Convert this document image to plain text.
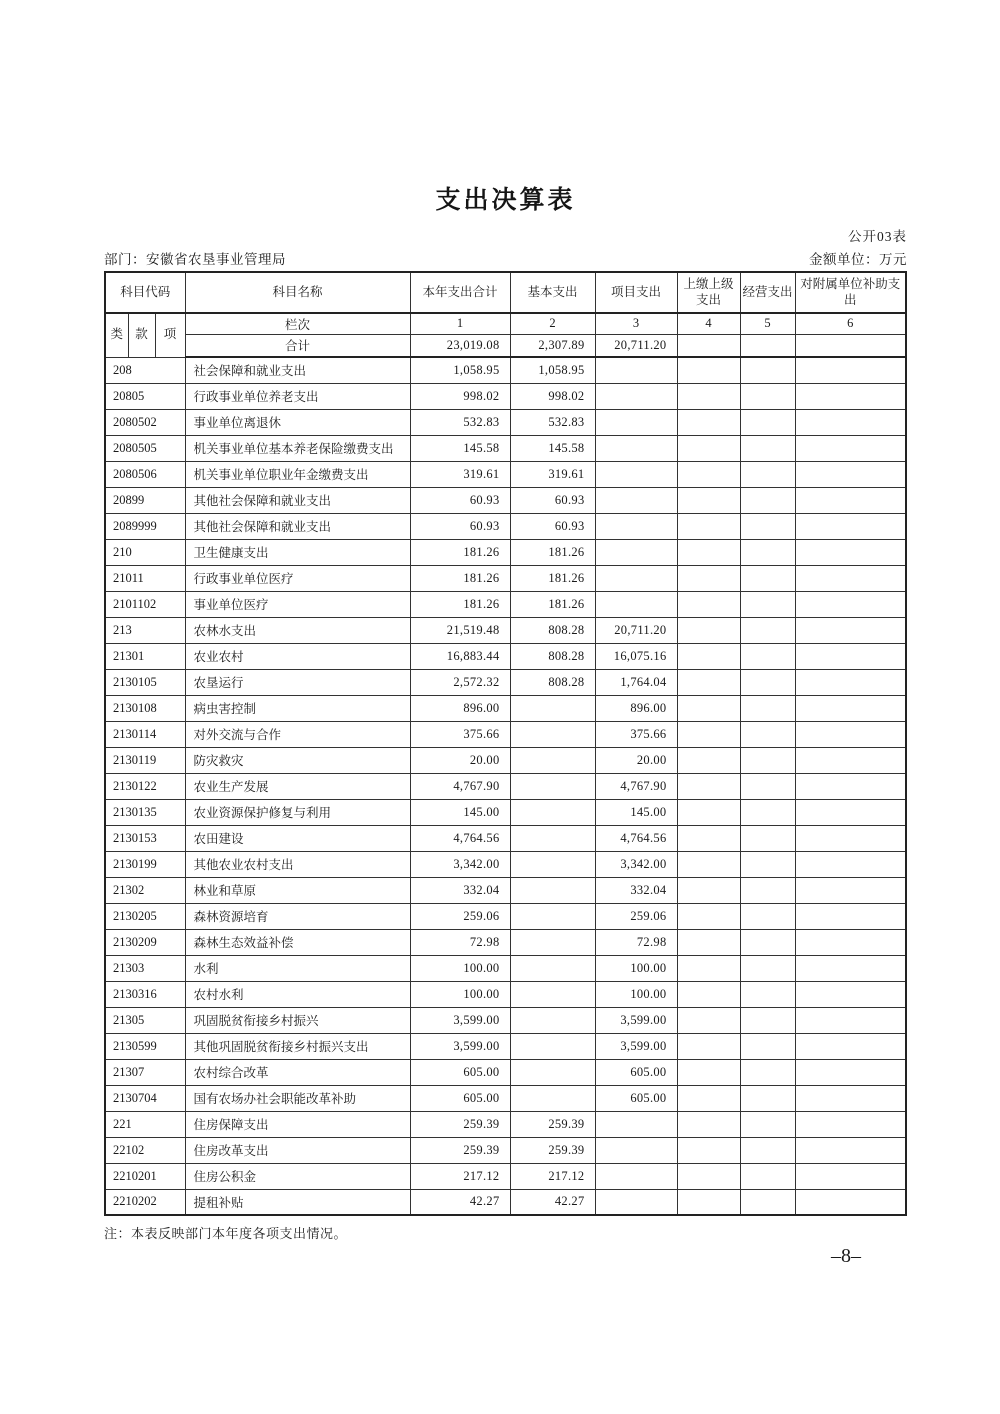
支出决算表
公开03表
部门：安徽省农垦事业管理局	金额单位：万元
科目代码			科目名称	本年支出合计	基本支出	项目支出	上缴上级支出	经营支出	对附属单位补助支出
类	款	项	栏次	1	2	3	4	5	6
			合计	23,019.08	2,307.89	20,711.20			
208			社会保障和就业支出	1,058.95	1,058.95				
20805			行政事业单位养老支出	998.02	998.02				
2080502			事业单位离退休	532.83	532.83				
2080505			机关事业单位基本养老保险缴费支出	145.58	145.58				
2080506			机关事业单位职业年金缴费支出	319.61	319.61				
20899			其他社会保障和就业支出	60.93	60.93				
2089999			其他社会保障和就业支出	60.93	60.93				
210			卫生健康支出	181.26	181.26				
21011			行政事业单位医疗	181.26	181.26				
2101102			事业单位医疗	181.26	181.26				
213			农林水支出	21,519.48	808.28	20,711.20			
21301			农业农村	16,883.44	808.28	16,075.16			
2130105			农垦运行	2,572.32	808.28	1,764.04			
2130108			病虫害控制	896.00		896.00			
2130114			对外交流与合作	375.66		375.66			
2130119			防灾救灾	20.00		20.00			
2130122			农业生产发展	4,767.90		4,767.90			
2130135			农业资源保护修复与利用	145.00		145.00			
2130153			农田建设	4,764.56		4,764.56			
2130199			其他农业农村支出	3,342.00		3,342.00			
21302			林业和草原	332.04		332.04			
2130205			森林资源培育	259.06		259.06			
2130209			森林生态效益补偿	72.98		72.98			
21303			水利	100.00		100.00			
2130316			农村水利	100.00		100.00			
21305			巩固脱贫衔接乡村振兴	3,599.00		3,599.00			
2130599			其他巩固脱贫衔接乡村振兴支出	3,599.00		3,599.00			
21307			农村综合改革	605.00		605.00			
2130704			国有农场办社会职能改革补助	605.00		605.00			
221			住房保障支出	259.39	259.39				
22102			住房改革支出	259.39	259.39				
2210201			住房公积金	217.12	217.12				
2210202			提租补贴	42.27	42.27				
注：本表反映部门本年度各项支出情况。
–8–
